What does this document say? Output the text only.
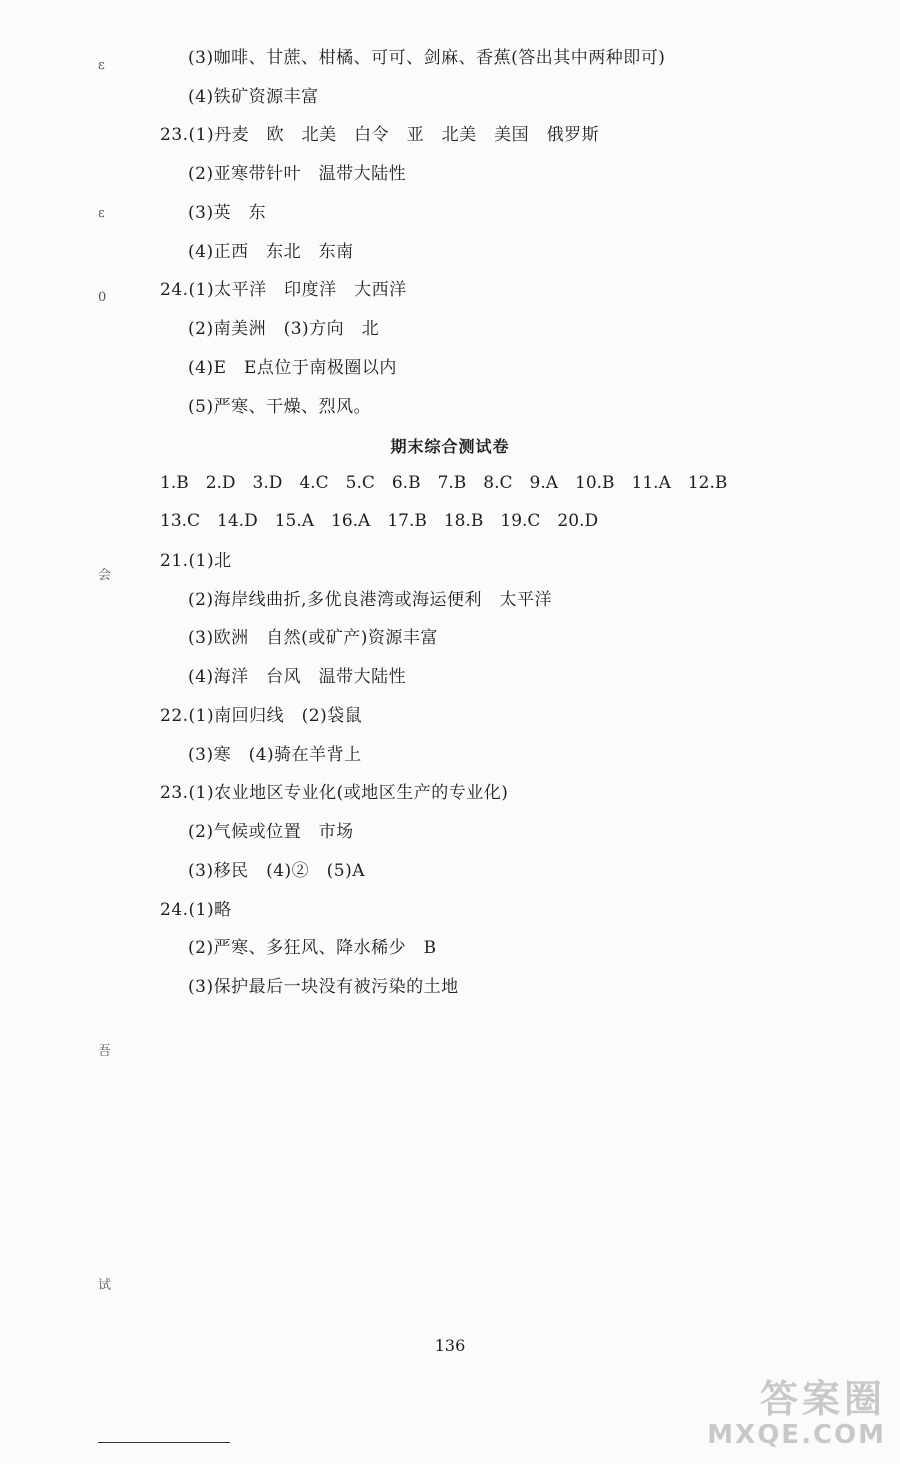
ε
ε
0
会
吾
试
(3)咖啡、甘蔗、柑橘、可可、剑麻、香蕉(答出其中两种即可)
(4)铁矿资源丰富
23.(1)丹麦　欧　北美　白令　亚　北美　美国　俄罗斯
(2)亚寒带针叶　温带大陆性
(3)英　东
(4)正西　东北　东南
24.(1)太平洋　印度洋　大西洋
(2)南美洲　(3)方向　北
(4)E　E点位于南极圈以内
(5)严寒、干燥、烈风。
期末综合测试卷
1.B　2.D　3.D　4.C　5.C　6.B　7.B　8.C　9.A　10.B　11.A　12.B
13.C　14.D　15.A　16.A　17.B　18.B　19.C　20.D
21.(1)北
(2)海岸线曲折,多优良港湾或海运便利　太平洋
(3)欧洲　自然(或矿产)资源丰富
(4)海洋　台风　温带大陆性
22.(1)南回归线　(2)袋鼠
(3)寒　(4)骑在羊背上
23.(1)农业地区专业化(或地区生产的专业化)
(2)气候或位置　市场
(3)移民　(4)②　(5)A
24.(1)略
(2)严寒、多狂风、降水稀少　B
(3)保护最后一块没有被污染的土地
136
答案圈
MXQE.COM
